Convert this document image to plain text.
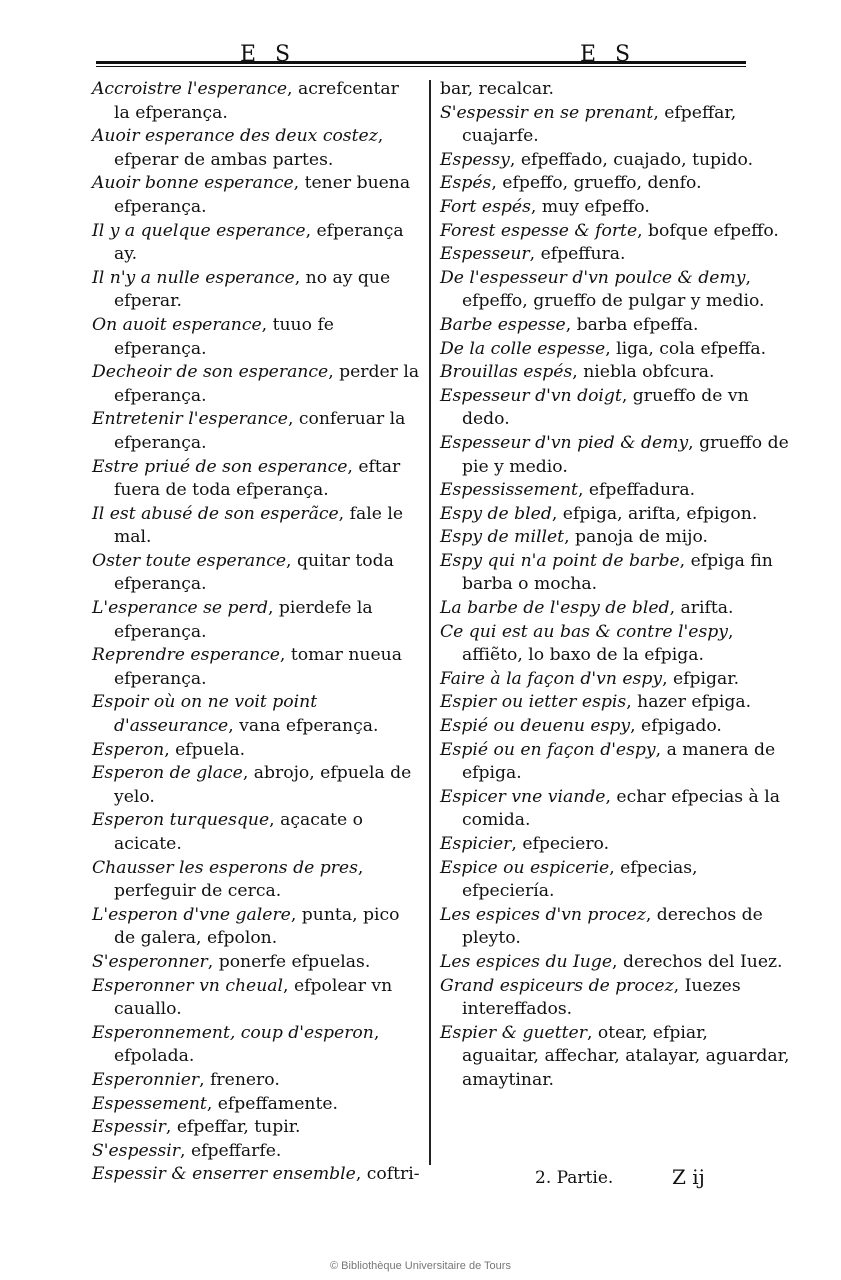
E S	E S

Accroistre l'esperance, acrefcentar la efperança.

Auoir esperance des deux costez, efperar de ambas partes.

Auoir bonne esperance, tener buena efperança.

Il y a quelque esperance, efperança ay.

Il n'y a nulle esperance, no ay que efperar.

On auoit esperance, tuuo fe efperança.

Decheoir de son esperance, perder la efperança.

Entretenir l'esperance, conferuar la efperança.

Estre priué de son esperance, eftar fuera de toda efperança.

Il est abusé de son esperãce, fale le mal.

Oster toute esperance, quitar toda efperança.

L'esperance se perd, pierdefe la efperança.

Reprendre esperance, tomar nueua efperança.

Espoir où on ne voit point d'asseurance, vana efperança.

Esperon, efpuela.

Esperon de glace, abrojo, efpuela de yelo.

Esperon turquesque, açacate o acicate.

Chausser les esperons de pres, perfeguir de cerca.

L'esperon d'vne galere, punta, pico de galera, efpolon.

S'esperonner, ponerfe efpuelas.

Esperonner vn cheual, efpolear vn cauallo.

Esperonnement, coup d'esperon, efpolada.

Esperonnier, frenero.

Espessement, efpeffamente.

Espessir, efpeffar, tupir.

S'espessir, efpeffarfe.

Espessir & enserrer ensemble, coftri-

bar, recalcar.

S'espessir en se prenant, efpeffar, cuajarfe.

Espessy, efpeffado, cuajado, tupido.

Espés, efpeffo, grueffo, denfo.

Fort espés, muy efpeffo.

Forest espesse & forte, bofque efpeffo.

Espesseur, efpeffura.

De l'espesseur d'vn poulce & demy, efpeffo, grueffo de pulgar y medio.

Barbe espesse, barba efpeffa.

De la colle espesse, liga, cola efpeffa.

Brouillas espés, niebla obfcura.

Espesseur d'vn doigt, grueffo de vn dedo.

Espesseur d'vn pied & demy, grueffo de pie y medio.

Espessissement, efpeffadura.

Espy de bled, efpiga, arifta, efpigon.

Espy de millet, panoja de mijo.

Espy qui n'a point de barbe, efpiga fin barba o mocha.

La barbe de l'espy de bled, arifta.

Ce qui est au bas & contre l'espy, affiẽto, lo baxo de la efpiga.

Faire à la façon d'vn espy, efpigar.

Espier ou ietter espis, hazer efpiga.

Espié ou deuenu espy, efpigado.

Espié ou en façon d'espy, a manera de efpiga.

Espicer vne viande, echar efpecias à la comida.

Espicier, efpeciero.

Espice ou espicerie, efpecias, efpeciería.

Les espices d'vn procez, derechos de pleyto.

Les espices du Iuge, derechos del Iuez.

Grand espiceurs de procez, Iuezes intereffados.

Espier & guetter, otear, efpiar, aguaitar, affechar, atalayar, aguardar, amaytinar.

2. Partie.	Z ij
© Bibliothèque Universitaire de Tours
